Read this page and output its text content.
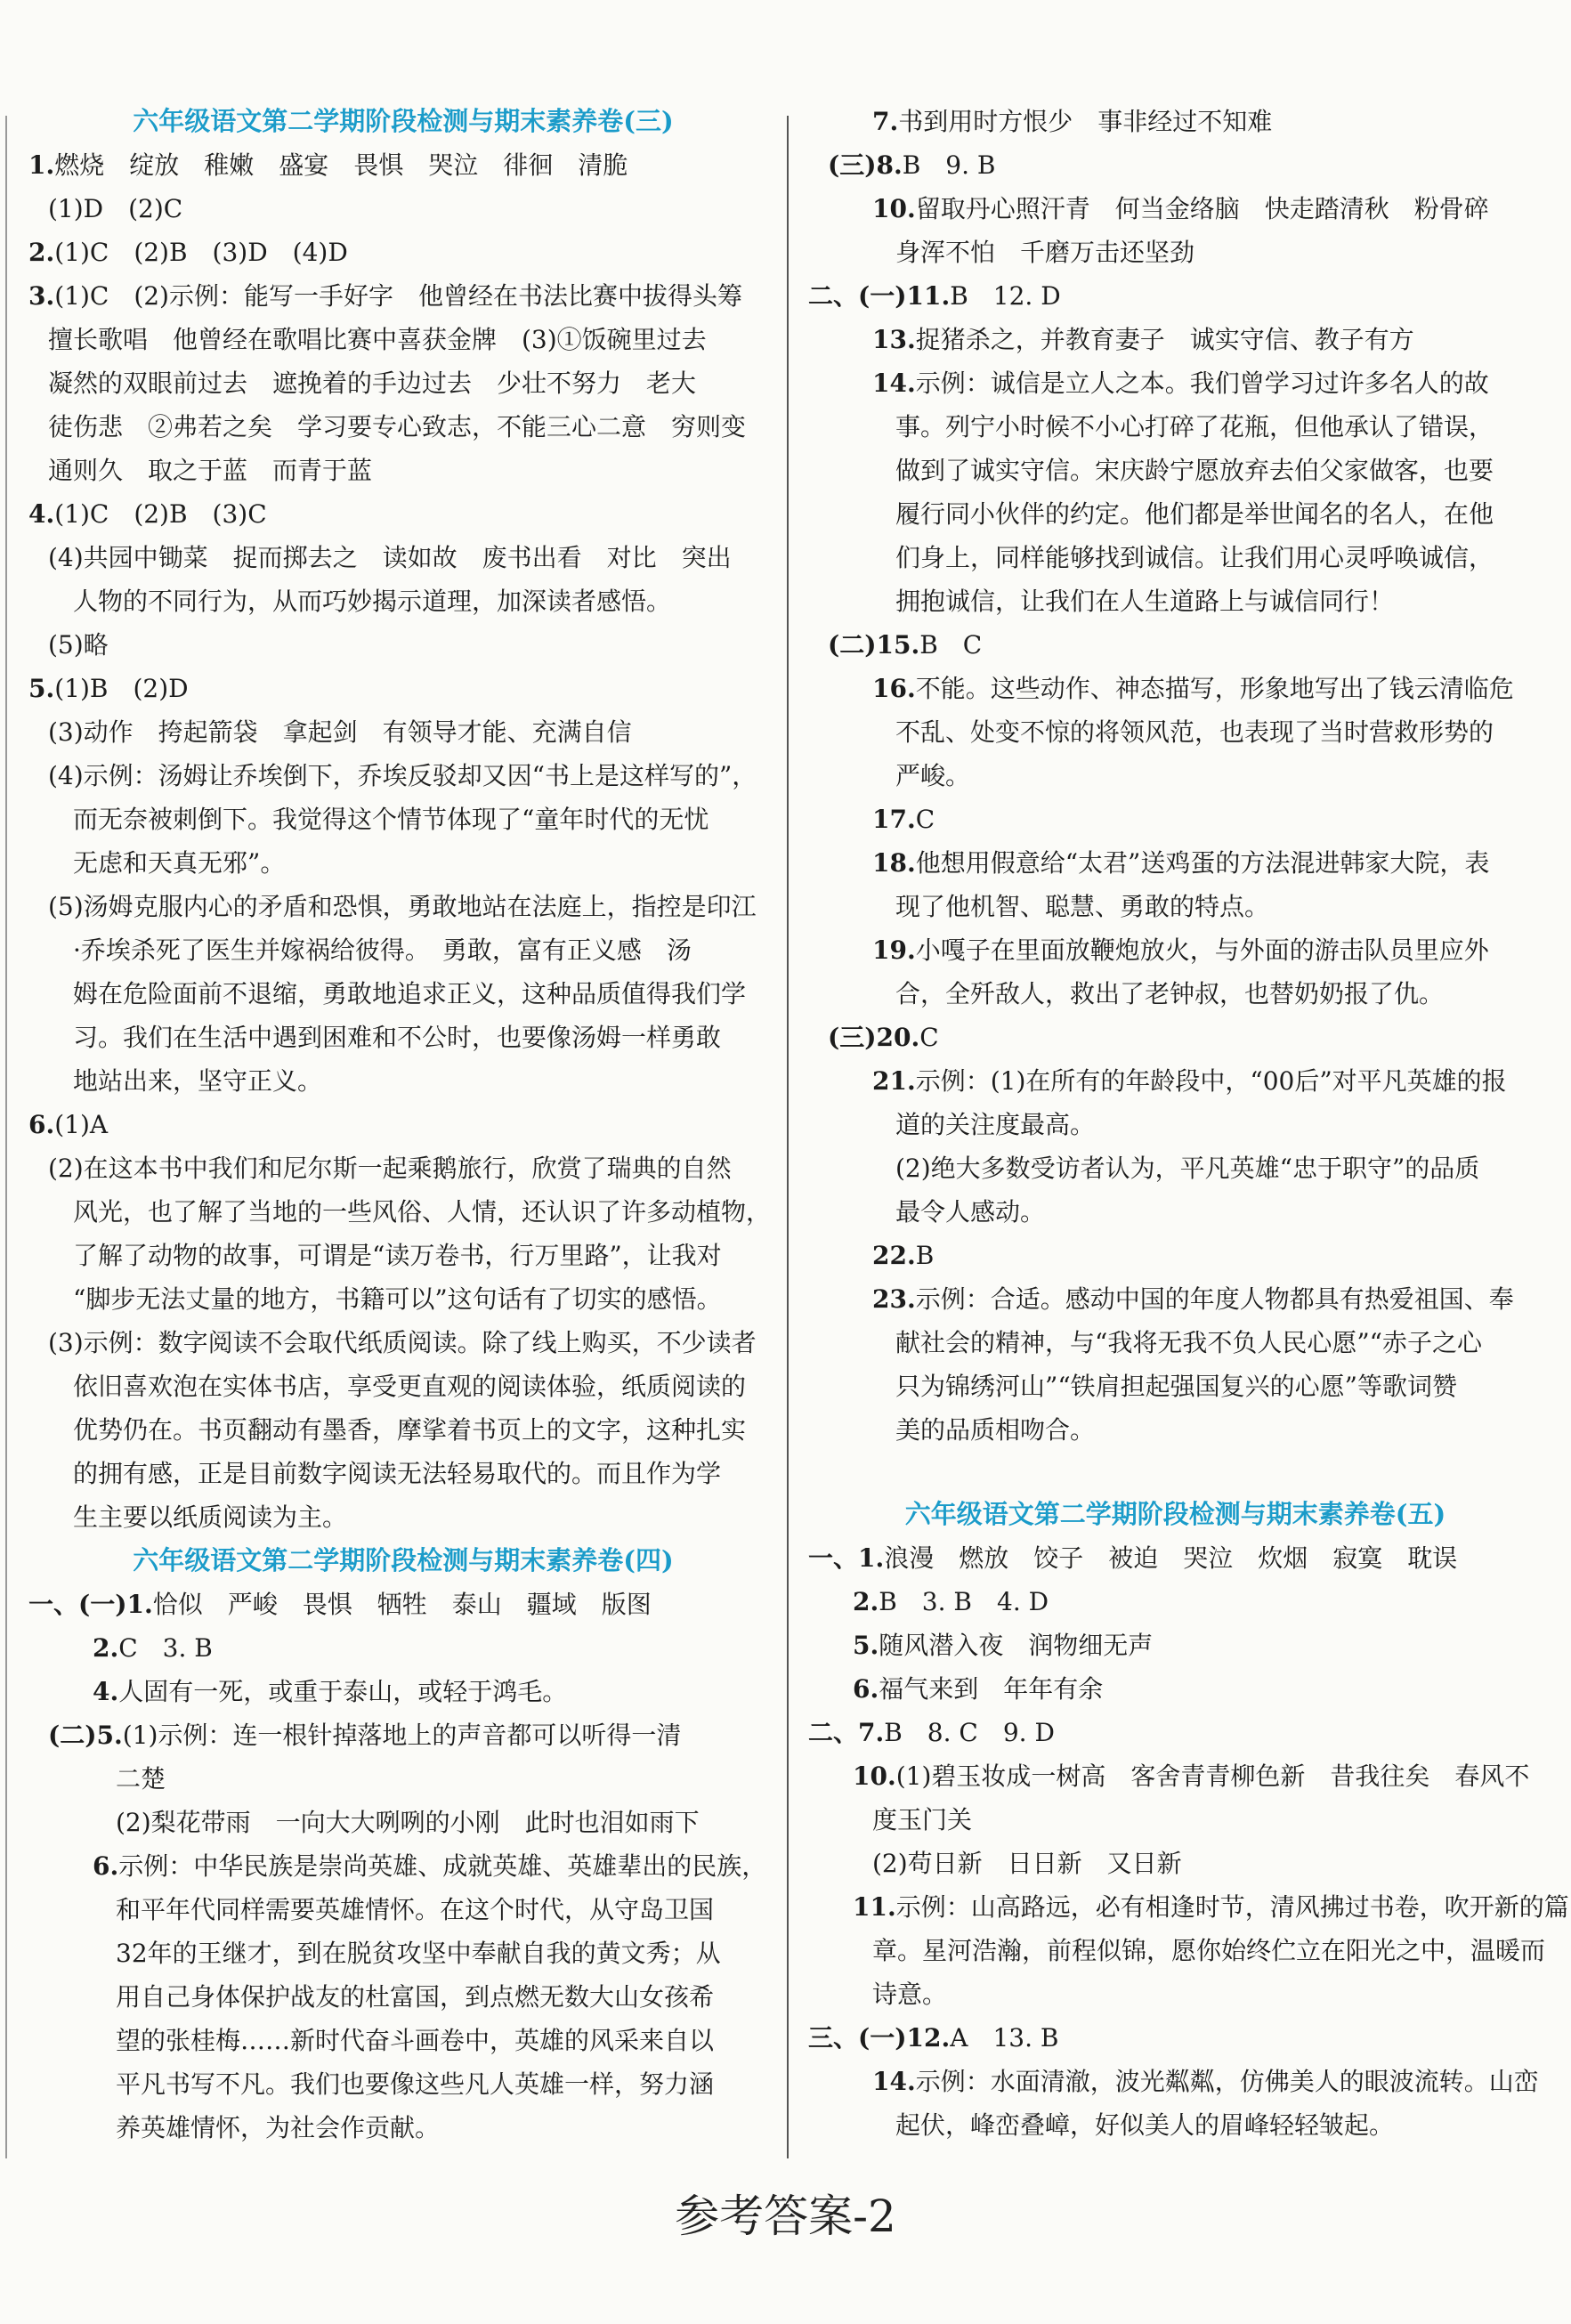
六年级语文第二学期阶段检测与期末素养卷(三)
1.燃烧　绽放　稚嫩　盛宴　畏惧　哭泣　徘徊　清脆
(1)D　(2)C
2.(1)C　(2)B　(3)D　(4)D
3.(1)C　(2)示例：能写一手好字　他曾经在书法比赛中拔得头筹
擅长歌唱　他曾经在歌唱比赛中喜获金牌　(3)①饭碗里过去
凝然的双眼前过去　遮挽着的手边过去　少壮不努力　老大
徒伤悲　②弗若之矣　学习要专心致志，不能三心二意　穷则变
通则久　取之于蓝　而青于蓝
4.(1)C　(2)B　(3)C
(4)共园中锄菜　捉而掷去之　读如故　废书出看　对比　突出
人物的不同行为，从而巧妙揭示道理，加深读者感悟。
(5)略
5.(1)B　(2)D
(3)动作　挎起箭袋　拿起剑　有领导才能、充满自信
(4)示例：汤姆让乔埃倒下，乔埃反驳却又因“书上是这样写的”，
而无奈被刺倒下。我觉得这个情节体现了“童年时代的无忧
无虑和天真无邪”。
(5)汤姆克服内心的矛盾和恐惧，勇敢地站在法庭上，指控是印江
·乔埃杀死了医生并嫁祸给彼得。　勇敢，富有正义感　汤
姆在危险面前不退缩，勇敢地追求正义，这种品质值得我们学
习。我们在生活中遇到困难和不公时，也要像汤姆一样勇敢
地站出来，坚守正义。
6.(1)A
(2)在这本书中我们和尼尔斯一起乘鹅旅行，欣赏了瑞典的自然
风光，也了解了当地的一些风俗、人情，还认识了许多动植物，
了解了动物的故事，可谓是“读万卷书，行万里路”，让我对
“脚步无法丈量的地方，书籍可以”这句话有了切实的感悟。
(3)示例：数字阅读不会取代纸质阅读。除了线上购买，不少读者
依旧喜欢泡在实体书店，享受更直观的阅读体验，纸质阅读的
优势仍在。书页翻动有墨香，摩挲着书页上的文字，这种扎实
的拥有感，正是目前数字阅读无法轻易取代的。而且作为学
生主要以纸质阅读为主。
六年级语文第二学期阶段检测与期末素养卷(四)
一、(一)1.恰似　严峻　畏惧　牺牲　泰山　疆域　版图
2.C　3. B
4.人固有一死，或重于泰山，或轻于鸿毛。
(二)5.(1)示例：连一根针掉落地上的声音都可以听得一清
二楚
(2)梨花带雨　一向大大咧咧的小刚　此时也泪如雨下
6.示例：中华民族是崇尚英雄、成就英雄、英雄辈出的民族，
和平年代同样需要英雄情怀。在这个时代，从守岛卫国
32年的王继才，到在脱贫攻坚中奉献自我的黄文秀；从
用自己身体保护战友的杜富国，到点燃无数大山女孩希
望的张桂梅……新时代奋斗画卷中，英雄的风采来自以
平凡书写不凡。我们也要像这些凡人英雄一样，努力涵
养英雄情怀，为社会作贡献。
7.书到用时方恨少　事非经过不知难
(三)8.B　9. B
10.留取丹心照汗青　何当金络脑　快走踏清秋　粉骨碎
身浑不怕　千磨万击还坚劲
二、(一)11.B　12. D
13.捉猪杀之，并教育妻子　诚实守信、教子有方
14.示例：诚信是立人之本。我们曾学习过许多名人的故
事。列宁小时候不小心打碎了花瓶，但他承认了错误，
做到了诚实守信。宋庆龄宁愿放弃去伯父家做客，也要
履行同小伙伴的约定。他们都是举世闻名的名人，在他
们身上，同样能够找到诚信。让我们用心灵呼唤诚信，
拥抱诚信，让我们在人生道路上与诚信同行！
(二)15.B　C
16.不能。这些动作、神态描写，形象地写出了钱云清临危
不乱、处变不惊的将领风范，也表现了当时营救形势的
严峻。
17.C
18.他想用假意给“太君”送鸡蛋的方法混进韩家大院，表
现了他机智、聪慧、勇敢的特点。
19.小嘎子在里面放鞭炮放火，与外面的游击队员里应外
合，全歼敌人，救出了老钟叔，也替奶奶报了仇。
(三)20.C
21.示例：(1)在所有的年龄段中，“00后”对平凡英雄的报
道的关注度最高。
(2)绝大多数受访者认为，平凡英雄“忠于职守”的品质
最令人感动。
22.B
23.示例：合适。感动中国的年度人物都具有热爱祖国、奉
献社会的精神，与“我将无我不负人民心愿”“赤子之心
只为锦绣河山”“铁肩担起强国复兴的心愿”等歌词赞
美的品质相吻合。
六年级语文第二学期阶段检测与期末素养卷(五)
一、1.浪漫　燃放　饺子　被迫　哭泣　炊烟　寂寞　耽误
2.B　3. B　4. D
5.随风潜入夜　润物细无声
6.福气来到　年年有余
二、7.B　8. C　9. D
10.(1)碧玉妆成一树高　客舍青青柳色新　昔我往矣　春风不
度玉门关
(2)苟日新　日日新　又日新
11.示例：山高路远，必有相逢时节，清风拂过书卷，吹开新的篇
章。星河浩瀚，前程似锦，愿你始终伫立在阳光之中，温暖而
诗意。
三、(一)12.A　13. B
14.示例：水面清澈，波光粼粼，仿佛美人的眼波流转。山峦
起伏，峰峦叠嶂，好似美人的眉峰轻轻皱起。
参考答案-2
